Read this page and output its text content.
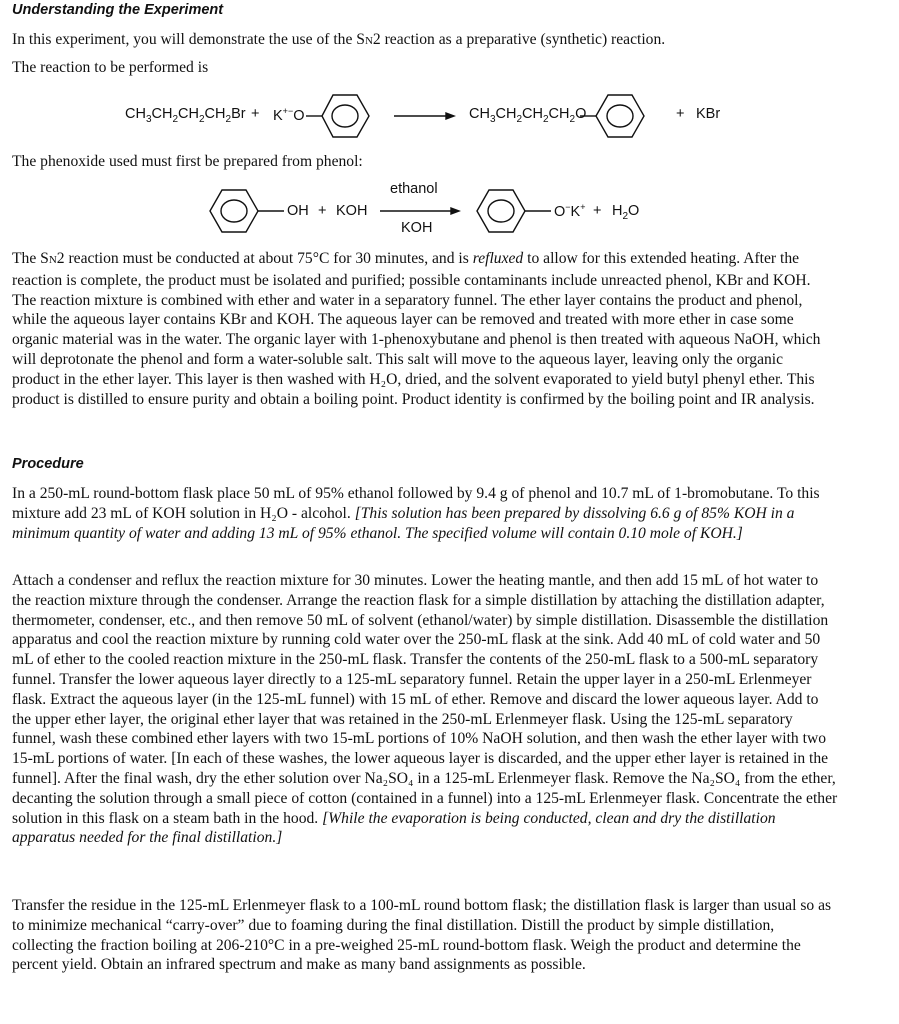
Understanding the Experiment
In this experiment, you will demonstrate the use of the SN2 reaction as a preparative (synthetic) reaction.
The reaction to be performed is
$CH_3CH_2CH_2CH_2Br + K^{+-}O$	$CH_3CH_2CH_2CH_2O$	+ KBr
OH + KOH
ethanol
KOH
$O^-K^+ + H_2O$
The phenoxide used must first be prepared from phenol:
The SN2 reaction must be conducted at about 75°C for 30 minutes, and is refluxed to allow for this extended heating. After the reaction is complete, the product must be isolated and purified; possible contaminants include unreacted phenol, KBr and KOH. The reaction mixture is combined with ether and water in a separatory funnel. The ether layer contains the product and phenol, while the aqueous layer contains KBr and KOH. The aqueous layer can be removed and treated with more ether in case some organic material was in the water. The organic layer with 1-phenoxybutane and phenol is then treated with aqueous NaOH, which will deprotonate the phenol and form a water-soluble salt. This salt will move to the aqueous layer, leaving only the organic product in the ether layer. This layer is then washed with H₂O, dried, and the solvent evaporated to yield butyl phenyl ether. This product is distilled to ensure purity and obtain a boiling point. Product identity is confirmed by the boiling point and IR analysis.
Procedure
In a 250-mL round-bottom flask place 50 mL of 95% ethanol followed by 9.4 g of phenol and 10.7 mL of 1-bromobutane. To this mixture add 23 mL of KOH solution in H₂O - alcohol. [This solution has been prepared by dissolving 6.6 g of 85% KOH in a minimum quantity of water and adding 13 mL of 95% ethanol. The specified volume will contain 0.10 mole of KOH.]
Attach a condenser and reflux the reaction mixture for 30 minutes. Lower the heating mantle, and then add 15 mL of hot water to the reaction mixture through the condenser. Arrange the reaction flask for a simple distillation by attaching the distillation adapter, thermometer, condenser, etc., and then remove 50 mL of solvent (ethanol/water) by simple distillation. Disassemble the distillation apparatus and cool the reaction mixture by running cold water over the 250-mL flask at the sink. Add 40 mL of cold water and 50 mL of ether to the cooled reaction mixture in the 250-mL flask. Transfer the contents of the 250-mL flask to a 500-mL separatory funnel. Transfer the lower aqueous layer directly to a 125-mL separatory funnel. Retain the upper layer in a 250-mL Erlenmeyer flask. Extract the aqueous layer (in the 125-mL funnel) with 15 mL of ether. Remove and discard the lower aqueous layer. Add to the upper ether layer, the original ether layer that was retained in the 250-mL Erlenmeyer flask. Using the 125-mL separatory funnel, wash these combined ether layers with two 15-mL portions of 10% NaOH solution, and then wash the ether layer with two 15-mL portions of water. [In each of these washes, the lower aqueous layer is discarded, and the upper ether layer is retained in the funnel]. After the final wash, dry the ether solution over Na₂SO₄ in a 125-mL Erlenmeyer flask. Remove the Na₂SO₄ from the ether, decanting the solution through a small piece of cotton (contained in a funnel) into a 125-mL Erlenmeyer flask. Concentrate the ether solution in this flask on a steam bath in the hood. [While the evaporation is being conducted, clean and dry the distillation apparatus needed for the final distillation.]
Transfer the residue in the 125-mL Erlenmeyer flask to a 100-mL round bottom flask; the distillation flask is larger than usual so as to minimize mechanical “carry-over” due to foaming during the final distillation. Distill the product by simple distillation, collecting the fraction boiling at 206-210°C in a pre-weighed 25-mL round-bottom flask. Weigh the product and determine the percent yield. Obtain an infrared spectrum and make as many band assignments as possible.
